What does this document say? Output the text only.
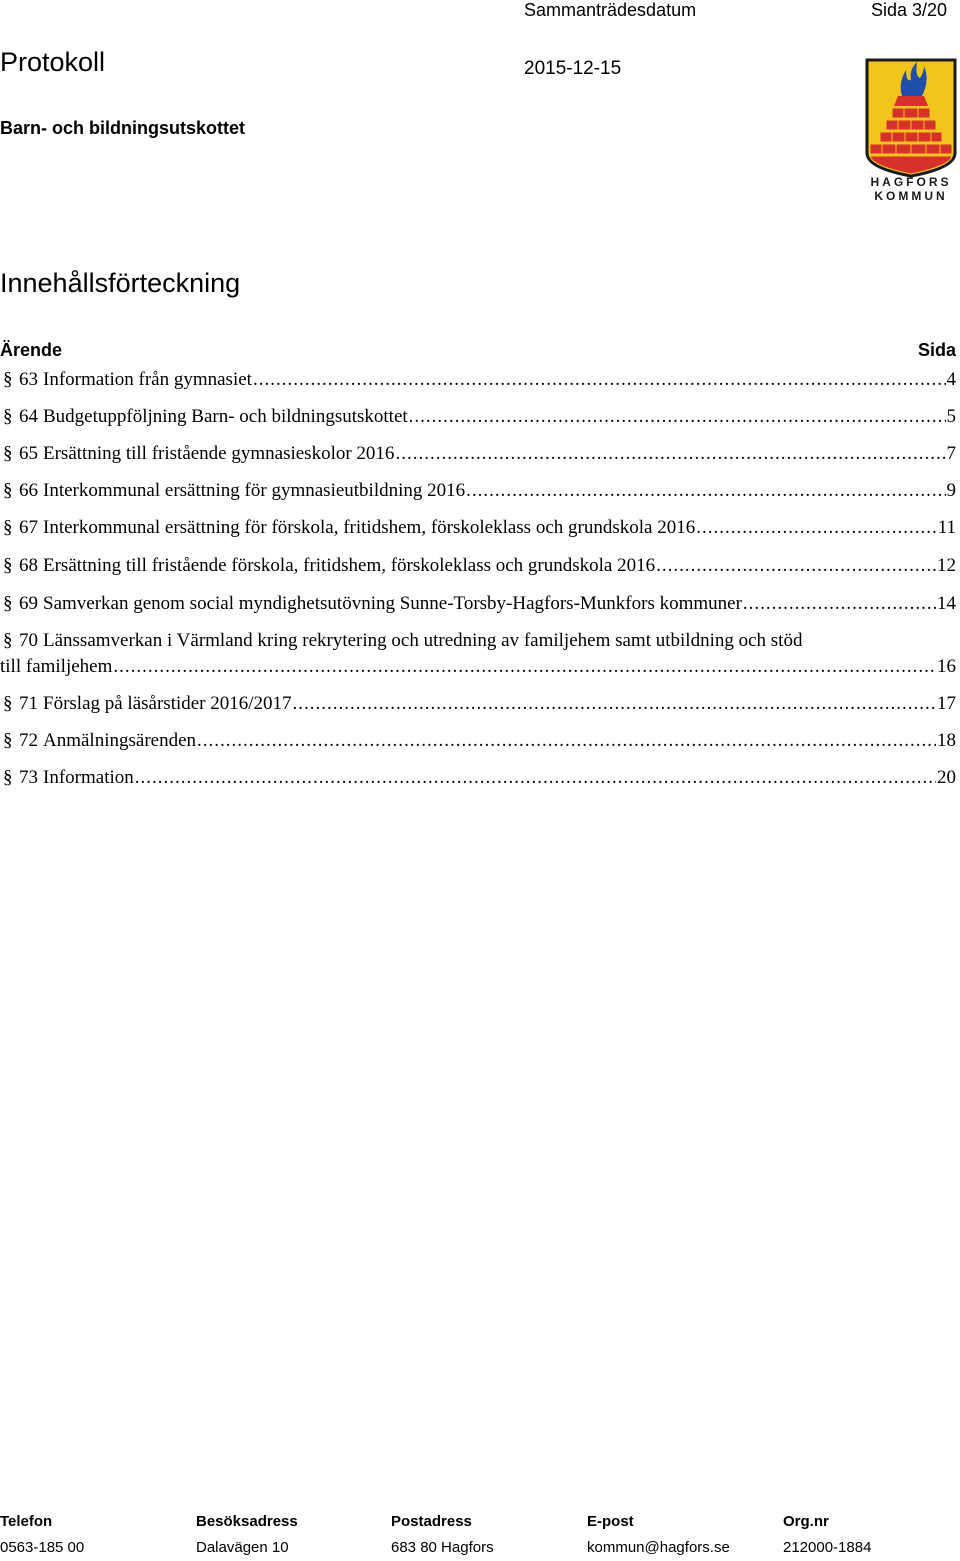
Sammanträdesdatum	Sida 3/20
Protokoll	2015-12-15
Barn- och bildningsutskottet
HAGFORS
KOMMUN
Innehållsförteckning
Ärende	Sida
§ 63 Information från gymnasiet .....	4
§ 64 Budgetuppföljning Barn- och bildningsutskottet .....	5
§ 65 Ersättning till fristående gymnasieskolor 2016 .....	7
§ 66 Interkommunal ersättning för gymnasieutbildning 2016 .....	9
§ 67 Interkommunal ersättning för förskola, fritidshem, förskoleklass och grundskola 2016 .....	11
§ 68 Ersättning till fristående förskola, fritidshem, förskoleklass och grundskola 2016 .....	12
§ 69 Samverkan genom social myndighetsutövning Sunne-Torsby-Hagfors-Munkfors kommuner .....	14
§ 70 Länssamverkan i Värmland kring rekrytering och utredning av familjehem samt utbildning och stöd
till familjehem .....	16
§ 71 Förslag på läsårstider 2016/2017 .....	17
§ 72 Anmälningsärenden .....	18
§ 73 Information .....	20
Telefon	Besöksadress	Postadress	E-post	Org.nr
0563-185 00	Dalavägen 10	683 80 Hagfors	kommun@hagfors.se	212000-1884
